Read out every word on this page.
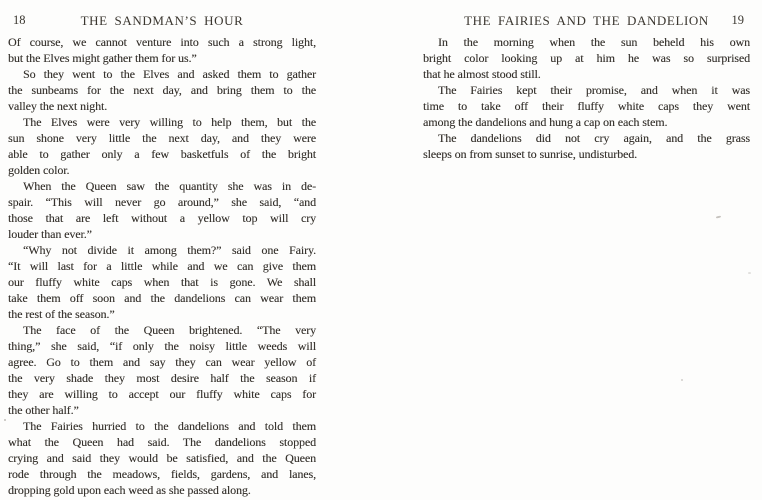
18	THE SANDMAN’S HOUR
Of course, we cannot venture into such a strong light,
but the Elves might gather them for us.”
So they went to the Elves and asked them to gather
the sunbeams for the next day, and bring them to the
valley the next night.
The Elves were very willing to help them, but the
sun shone very little the next day, and they were
able to gather only a few basketfuls of the bright
golden color.
When the Queen saw the quantity she was in de-
spair. “This will never go around,” she said, “and
those that are left without a yellow top will cry
louder than ever.”
“Why not divide it among them?” said one Fairy.
“It will last for a little while and we can give them
our fluffy white caps when that is gone. We shall
take them off soon and the dandelions can wear them
the rest of the season.”
The face of the Queen brightened. “The very
thing,” she said, “if only the noisy little weeds will
agree. Go to them and say they can wear yellow of
the very shade they most desire half the season if
they are willing to accept our fluffy white caps for
the other half.”
The Fairies hurried to the dandelions and told them
what the Queen had said. The dandelions stopped
crying and said they would be satisfied, and the Queen
rode through the meadows, fields, gardens, and lanes,
dropping gold upon each weed as she passed along.
THE FAIRIES AND THE DANDELION	19
In the morning when the sun beheld his own
bright color looking up at him he was so surprised
that he almost stood still.
The Fairies kept their promise, and when it was
time to take off their fluffy white caps they went
among the dandelions and hung a cap on each stem.
The dandelions did not cry again, and the grass
sleeps on from sunset to sunrise, undisturbed.
